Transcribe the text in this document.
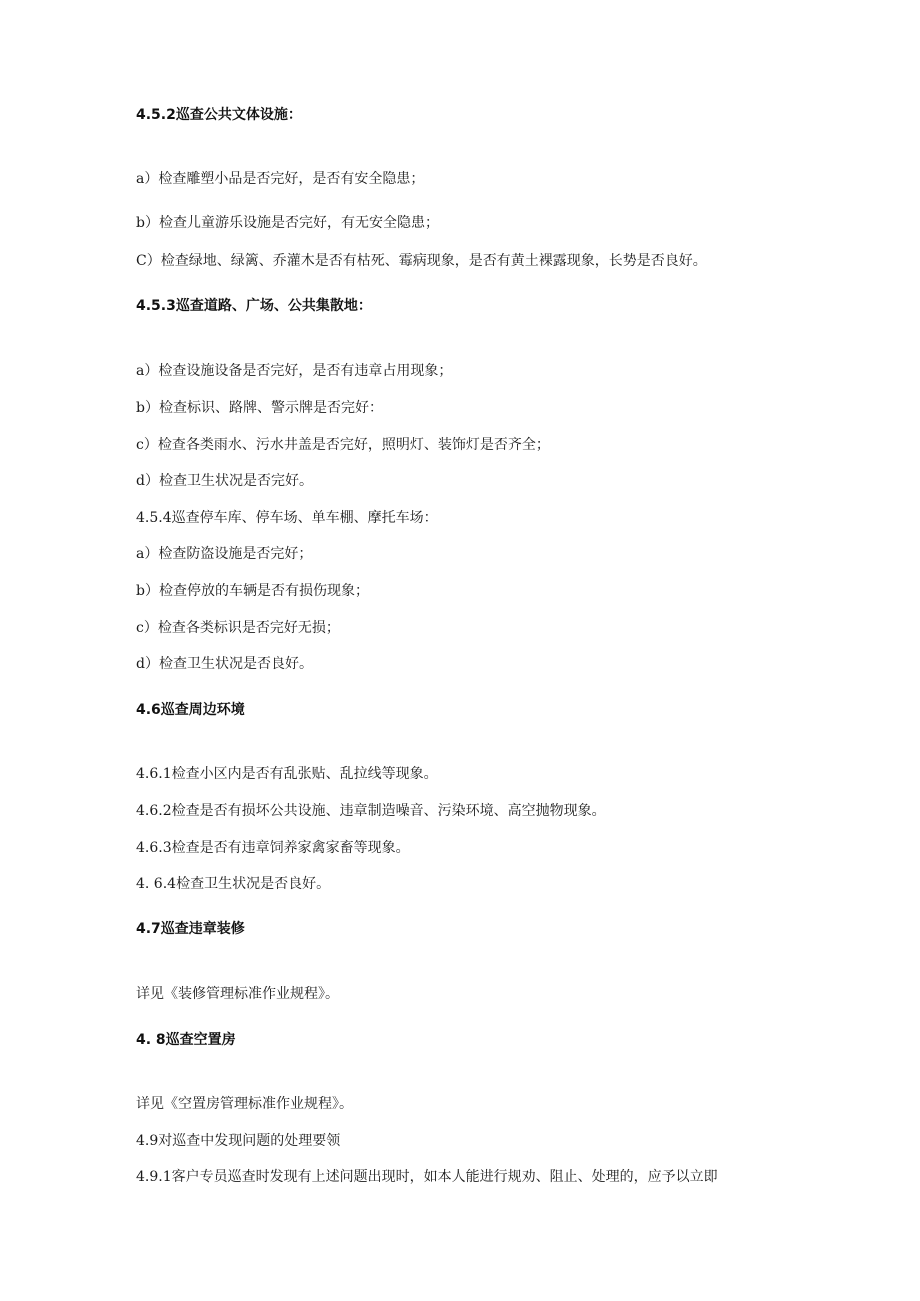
4.5.2巡查公共文体设施：
a）检查雕塑小品是否完好，是否有安全隐患；
b）检查儿童游乐设施是否完好，有无安全隐患；
C）检查绿地、绿篱、乔灌木是否有枯死、霉病现象，是否有黄土裸露现象，长势是否良好。
4.5.3巡查道路、广场、公共集散地：
a）检查设施设备是否完好，是否有违章占用现象；
b）检查标识、路牌、警示牌是否完好：
c）检查各类雨水、污水井盖是否完好，照明灯、装饰灯是否齐全；
d）检查卫生状况是否完好。
4.5.4巡查停车库、停车场、单车棚、摩托车场：
a）检查防盗设施是否完好；
b）检查停放的车辆是否有损伤现象；
c）检查各类标识是否完好无损；
d）检查卫生状况是否良好。
4.6巡查周边环境
4.6.1检查小区内是否有乱张贴、乱拉线等现象。
4.6.2检查是否有损坏公共设施、违章制造噪音、污染环境、高空抛物现象。
4.6.3检查是否有违章饲养家禽家畜等现象。
4. 6.4检查卫生状况是否良好。
4.7巡查违章装修
详见《装修管理标准作业规程》。
4. 8巡查空置房
详见《空置房管理标准作业规程》。
4.9对巡查中发现问题的处理要领
4.9.1客户专员巡查时发现有上述问题出现时，如本人能进行规劝、阻止、处理的，应予以立即
